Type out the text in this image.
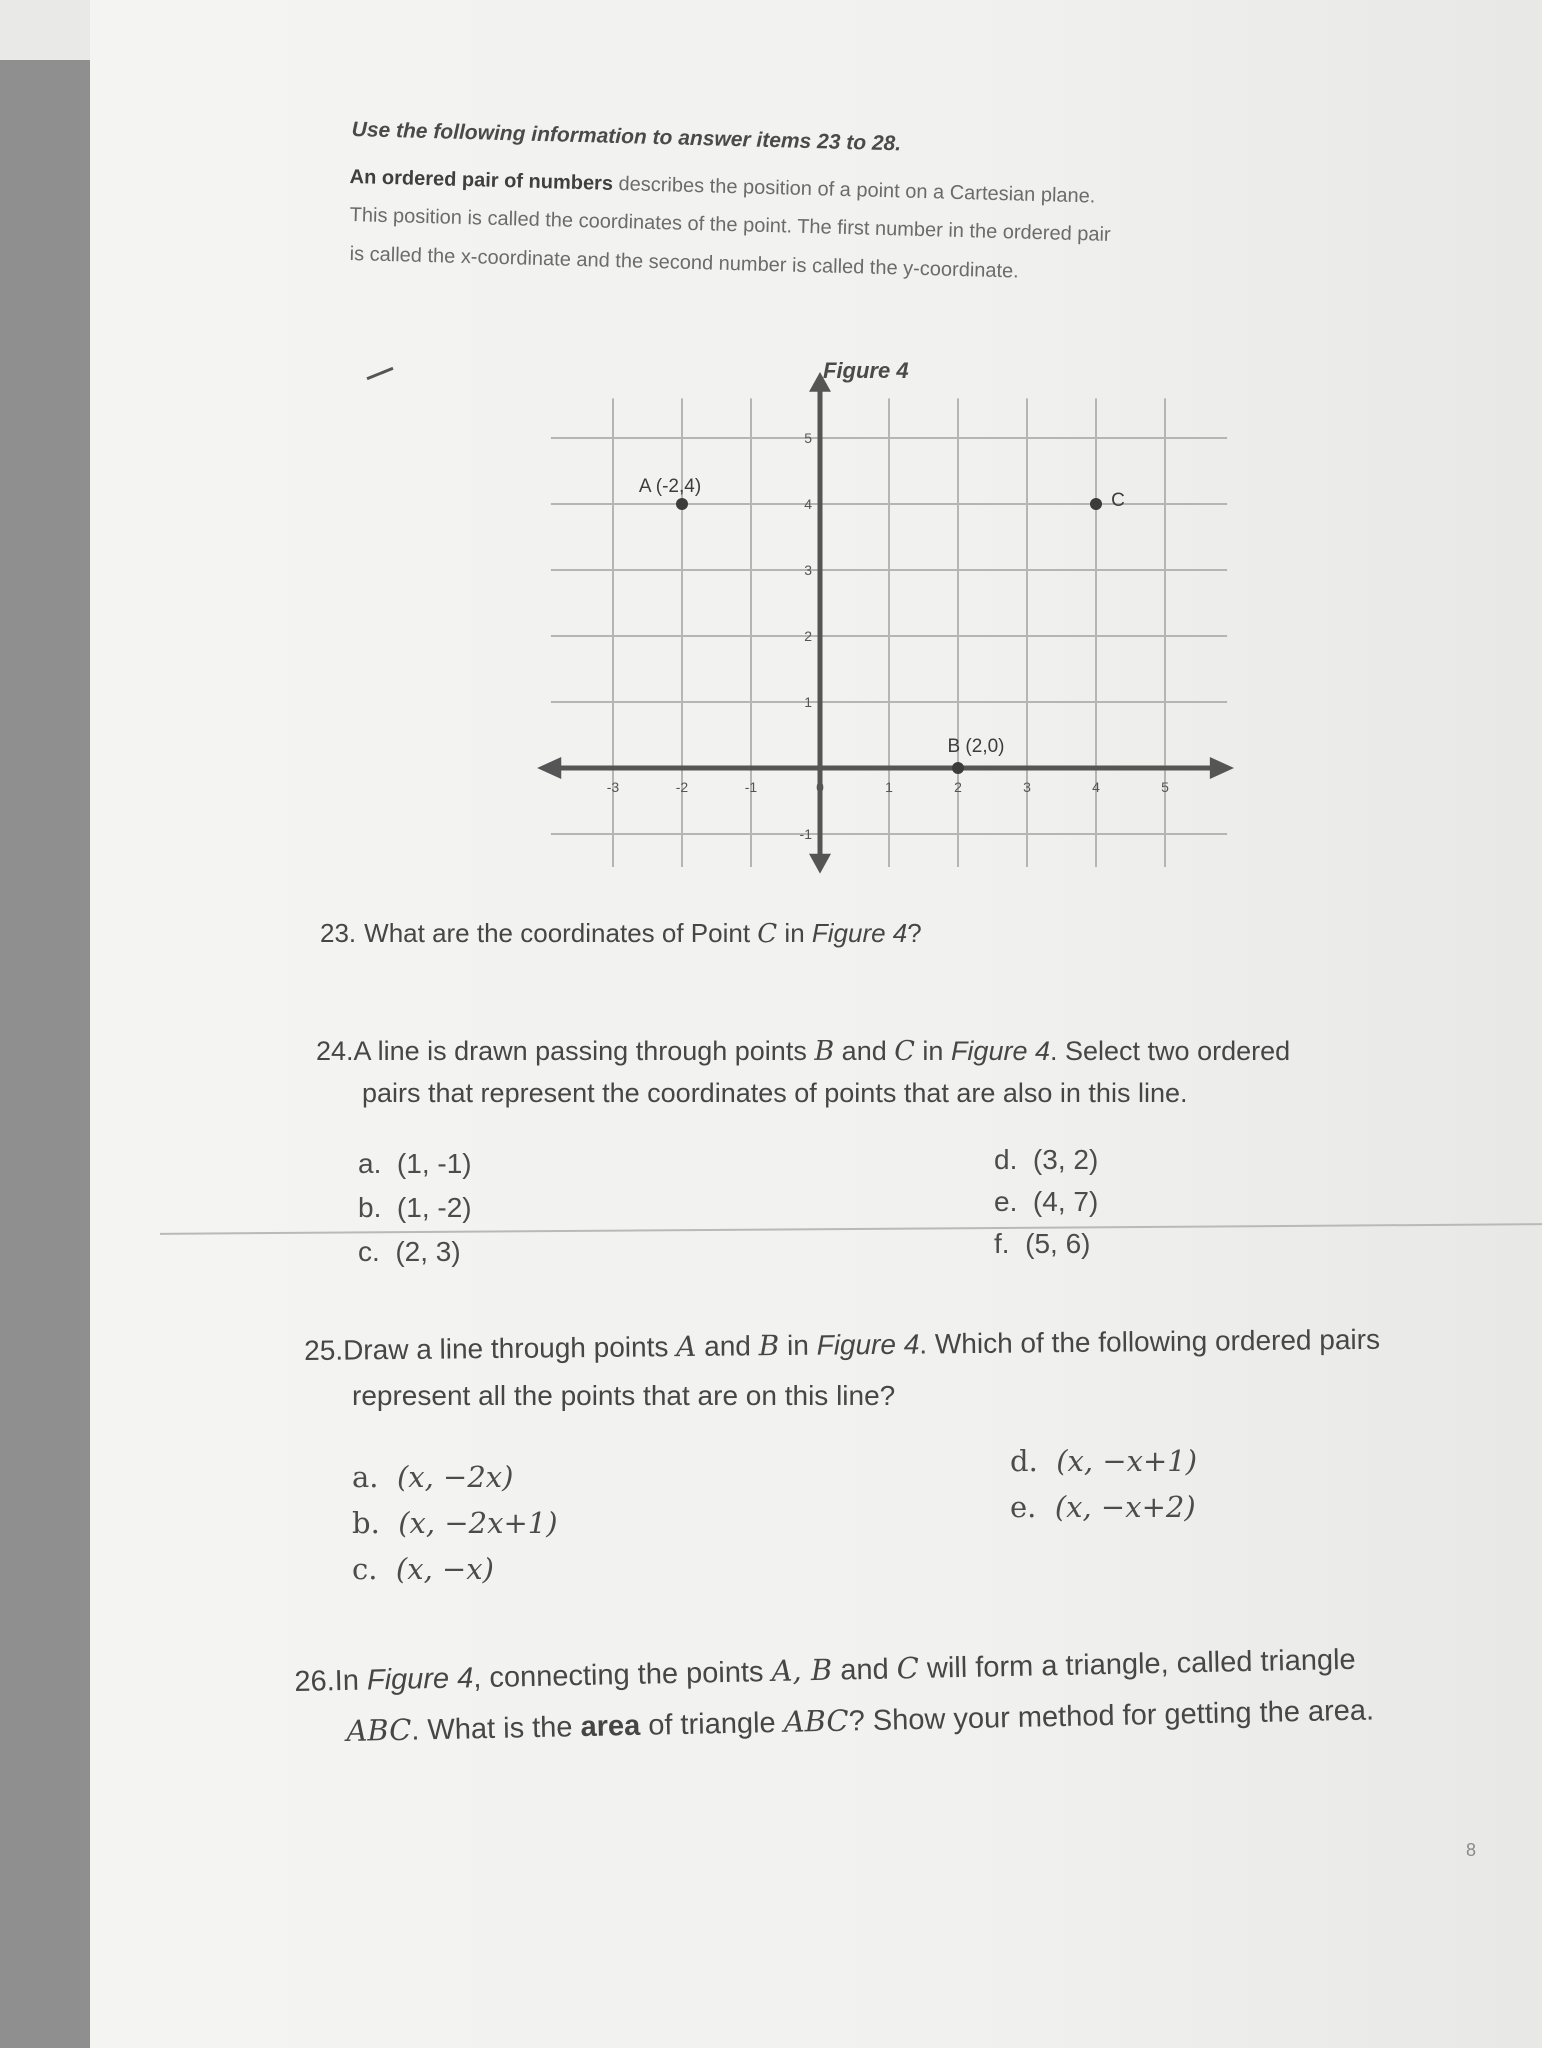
Use the following information to answer items 23 to 28.
An ordered pair of numbers describes the position of a point on a Cartesian plane.
This position is called the coordinates of the point. The first number in the ordered pair
is called the x-coordinate and the second number is called the y-coordinate.
Figure 4
-3	-2	-1	0	1	2	3	4	5
5
4
3
2
1
-1
A (-2,4)
B (2,0)
C
23. What are the coordinates of Point C in Figure 4?
24.A line is drawn passing through points B and C in Figure 4. Select two ordered
pairs that represent the coordinates of points that are also in this line.
a. (1, -1)
b. (1, -2)
c. (2, 3)
d. (3, 2)
e. (4, 7)
f. (5, 6)
25.Draw a line through points A and B in Figure 4. Which of the following ordered pairs
represent all the points that are on this line?
a. (x, −2x)
b. (x, −2x+1)
c. (x, −x)
d. (x, −x+1)
e. (x, −x+2)
26.In Figure 4, connecting the points A, B and C will form a triangle, called triangle
ABC. What is the area of triangle ABC? Show your method for getting the area.
8
